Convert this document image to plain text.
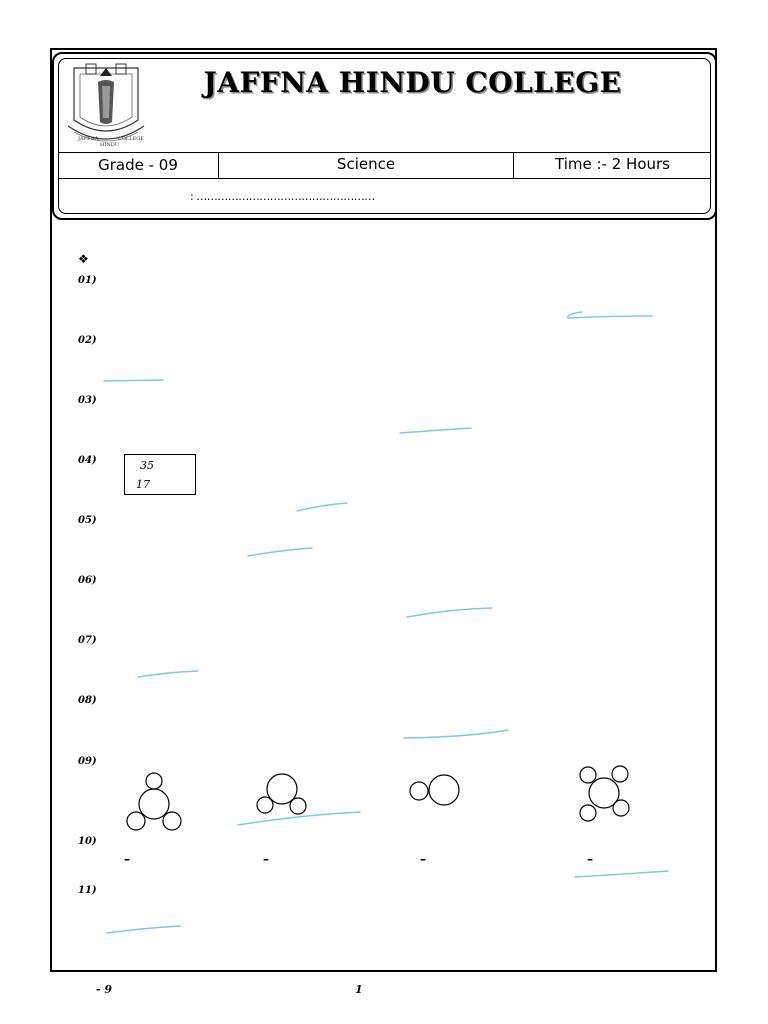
JAFFNA	COLLEGE
HINDU
JAFFNA HINDU COLLEGE
Grade - 09	Science	Time :- 2 Hours
: ……………………………………………
❖
01)
02)
03)
04)
05)
06)
07)
08)
09)
10)
11)
35
17
–	–	–	–
- 9	1
